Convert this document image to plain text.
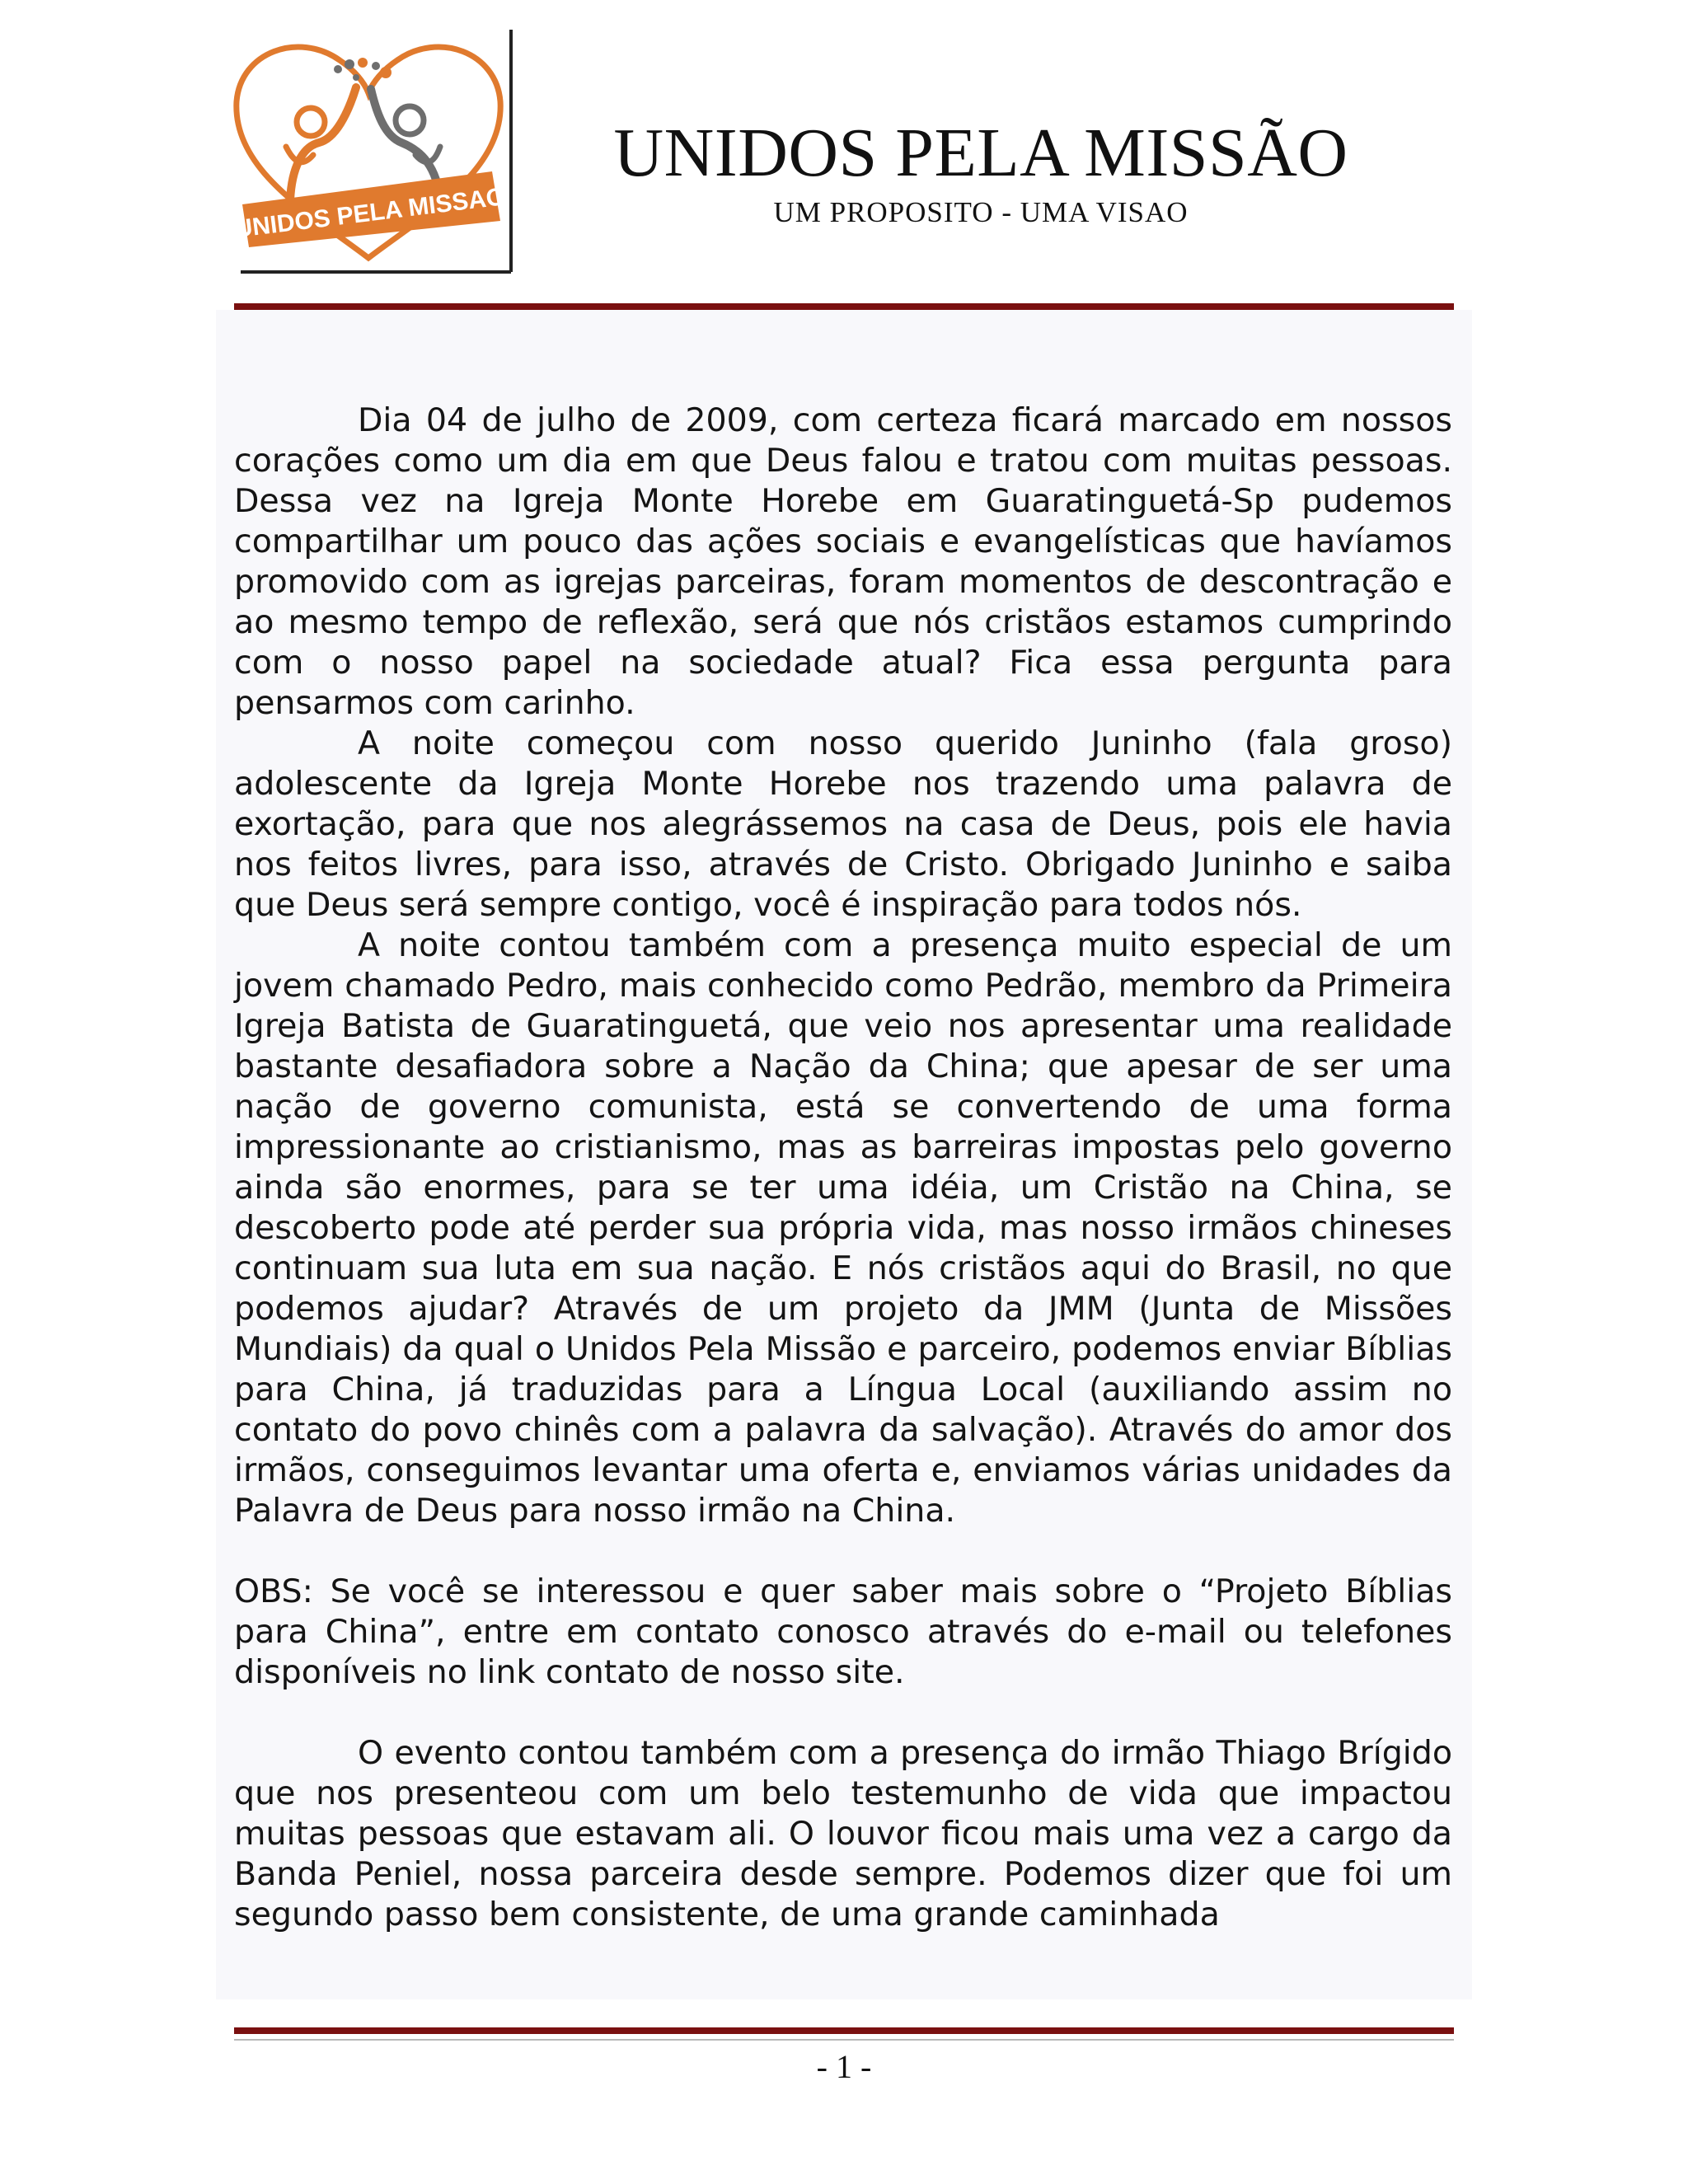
UNIDOS PELA MISSAO
UNIDOS PELA MISSÃO
UM PROPOSITO - UMA VISAO

Dia 04 de julho de 2009, com certeza ficará marcado em nossos corações como um dia em que Deus falou e tratou com muitas pessoas. Dessa vez na Igreja Monte Horebe em Guaratinguetá-Sp pudemos compartilhar um pouco das ações sociais e evangelísticas que havíamos promovido com as igrejas parceiras, foram momentos de descontração e ao mesmo tempo de reflexão, será que nós cristãos estamos cumprindo com o nosso papel na sociedade atual? Fica essa pergunta para pensarmos com carinho.

A noite começou com nosso querido Juninho (fala groso) adolescente da Igreja Monte Horebe nos trazendo uma palavra de exortação, para que nos alegrássemos na casa de Deus, pois ele havia nos feitos livres, para isso, através de Cristo. Obrigado Juninho e saiba que Deus será sempre contigo, você é inspiração para todos nós.

A noite contou também com a presença muito especial de um jovem chamado Pedro, mais conhecido como Pedrão, membro da Primeira Igreja Batista de Guaratinguetá, que veio nos apresentar uma realidade bastante desafiadora sobre a Nação da China; que apesar de ser uma nação de governo comunista, está se convertendo de uma forma impressionante ao cristianismo, mas as barreiras impostas pelo governo ainda são enormes, para se ter uma idéia, um Cristão na China, se descoberto pode até perder sua própria vida, mas nosso irmãos chineses continuam sua luta em sua nação. E nós cristãos aqui do Brasil, no que podemos ajudar? Através de um projeto da JMM (Junta de Missões Mundiais) da qual o Unidos Pela Missão e parceiro, podemos enviar Bíblias para China, já traduzidas para a Língua Local (auxiliando assim no contato do povo chinês com a palavra da salvação). Através do amor dos irmãos, conseguimos levantar uma oferta e, enviamos várias unidades da Palavra de Deus para nosso irmão na China.

OBS: Se você se interessou e quer saber mais sobre o “Projeto Bíblias para China”, entre em contato conosco através do e-mail ou telefones disponíveis no link contato de nosso site.

O evento contou também com a presença do irmão Thiago Brígido que nos presenteou com um belo testemunho de vida que impactou muitas pessoas que estavam ali. O louvor ficou mais uma vez a cargo da Banda Peniel, nossa parceira desde sempre. Podemos dizer que foi um segundo passo bem consistente, de uma grande caminhada

- 1 -
